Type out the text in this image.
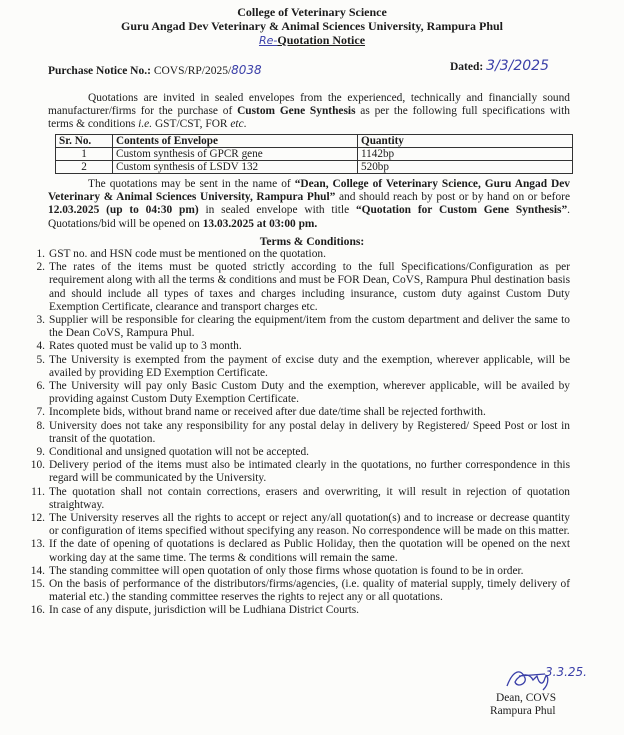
College of Veterinary Science
Guru Angad Dev Veterinary & Animal Sciences University, Rampura Phul
Re-Quotation Notice
Purchase Notice No.: COVS/RP/2025/8038	Dated: 3/3/2025
Quotations are invited in sealed envelopes from the experienced, technically and financially sound manufacturer/firms for the purchase of Custom Gene Synthesis as per the following full specifications with terms & conditions i.e. GST/CST, FOR etc.
Sr. No.	Contents of Envelope	Quantity
1	Custom synthesis of GPCR gene	1142bp
2	Custom synthesis of LSDV 132	520bp
The quotations may be sent in the name of “Dean, College of Veterinary Science, Guru Angad Dev Veterinary & Animal Sciences University, Rampura Phul” and should reach by post or by hand on or before 12.03.2025 (up to 04:30 pm) in sealed envelope with title “Quotation for Custom Gene Synthesis”. Quotations/bid will be opened on 13.03.2025 at 03:00 pm.
Terms & Conditions:
1. GST no. and HSN code must be mentioned on the quotation.
2. The rates of the items must be quoted strictly according to the full Specifications/Configuration as per requirement along with all the terms & conditions and must be FOR Dean, CoVS, Rampura Phul destination basis and should include all types of taxes and charges including insurance, custom duty against Custom Duty Exemption Certificate, clearance and transport charges etc.
3. Supplier will be responsible for clearing the equipment/item from the custom department and deliver the same to the Dean CoVS, Rampura Phul.
4. Rates quoted must be valid up to 3 month.
5. The University is exempted from the payment of excise duty and the exemption, wherever applicable, will be availed by providing ED Exemption Certificate.
6. The University will pay only Basic Custom Duty and the exemption, wherever applicable, will be availed by providing against Custom Duty Exemption Certificate.
7. Incomplete bids, without brand name or received after due date/time shall be rejected forthwith.
8. University does not take any responsibility for any postal delay in delivery by Registered/ Speed Post or lost in transit of the quotation.
9. Conditional and unsigned quotation will not be accepted.
10. Delivery period of the items must also be intimated clearly in the quotations, no further correspondence in this regard will be communicated by the University.
11. The quotation shall not contain corrections, erasers and overwriting, it will result in rejection of quotation straightway.
12. The University reserves all the rights to accept or reject any/all quotation(s) and to increase or decrease quantity or configuration of items specified without specifying any reason. No correspondence will be made on this matter.
13. If the date of opening of quotations is declared as Public Holiday, then the quotation will be opened on the next working day at the same time. The terms & conditions will remain the same.
14. The standing committee will open quotation of only those firms whose quotation is found to be in order.
15. On the basis of performance of the distributors/firms/agencies, (i.e. quality of material supply, timely delivery of material etc.) the standing committee reserves the rights to reject any or all quotations.
16. In case of any dispute, jurisdiction will be Ludhiana District Courts.
3.3.25.
Dean, COVS
Rampura Phul
